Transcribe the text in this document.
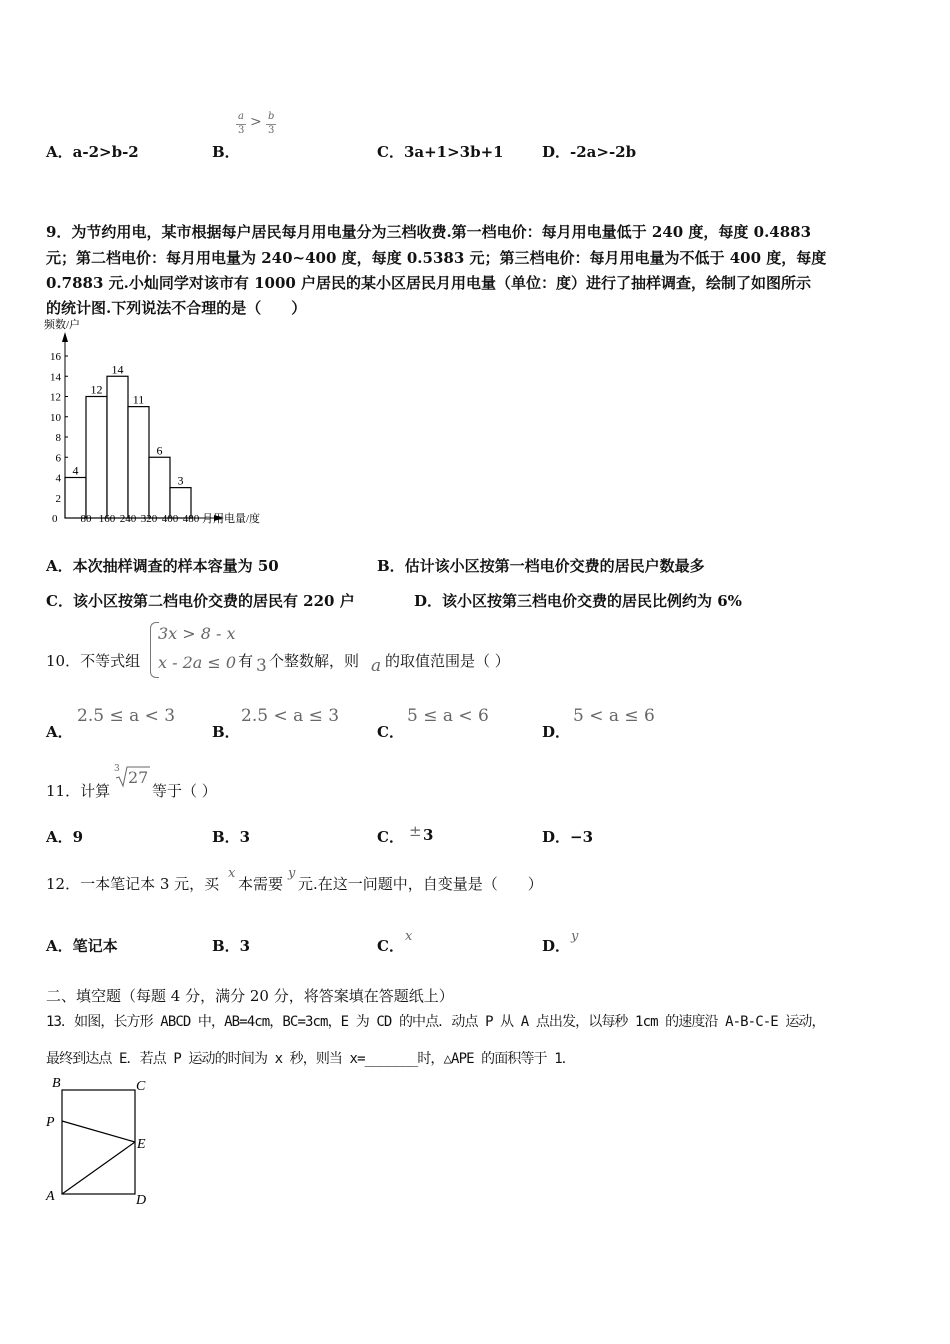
A．a-2>b-2	B．
a
3
> b
3
C．3a+1>3b+1	D．-2a>-2b
9．为节约用电，某市根据每户居民每月用电量分为三档收费.第一档电价：每月用电量低于 240 度，每度 0.4883
元；第二档电价：每月用电量为 240~400 度，每度 0.5383 元；第三档电价：每月用电量为不低于 400 度，每度
0.7883 元.小灿同学对该市有 1000 户居民的某小区居民月用电量（单位：度）进行了抽样调查，绘制了如图所示
的统计图.下列说法不合理的是（　　）
频数/户
2
4
6
8
10
12
14
16
4
12
14
11
6
3
80 160 240 320 400 480
0	月用电量/度
A．本次抽样调查的样本容量为 50	B．估计该小区按第一档电价交费的居民户数最多
C．该小区按第二档电价交费的居民有 220 户	D．该小区按第三档电价交费的居民比例约为 6%
10．不等式组
3x > 8 - x
x - 2a ≤ 0 有 3 个整数解，则 a 的取值范围是（ ）
A．
2.5 ≤ a < 3
B．
2.5 < a ≤ 3
C．
5 ≤ a < 6
D．
5 < a ≤ 6
11．计算
3 27
等于（ ）
A．9	B．3	C． ± 3	D．−3
12．一本笔记本 3 元，买
x
本需要
y
元.在这一问题中，自变量是（　　）
A．笔记本	B．3	C．
x
D．
y
二、填空题（每题 4 分，满分 20 分，将答案填在答题纸上）
13．如图，长方形 ABCD 中，AB=4cm，BC=3cm，E 为 CD 的中点．动点 P 从 A 点出发，以每秒 1cm 的速度沿 A-B-C-E 运动，
最终到达点 E．若点 P 运动的时间为 x 秒，则当 x=_______时，△APE 的面积等于 1．
B	C
P
E
A	D
